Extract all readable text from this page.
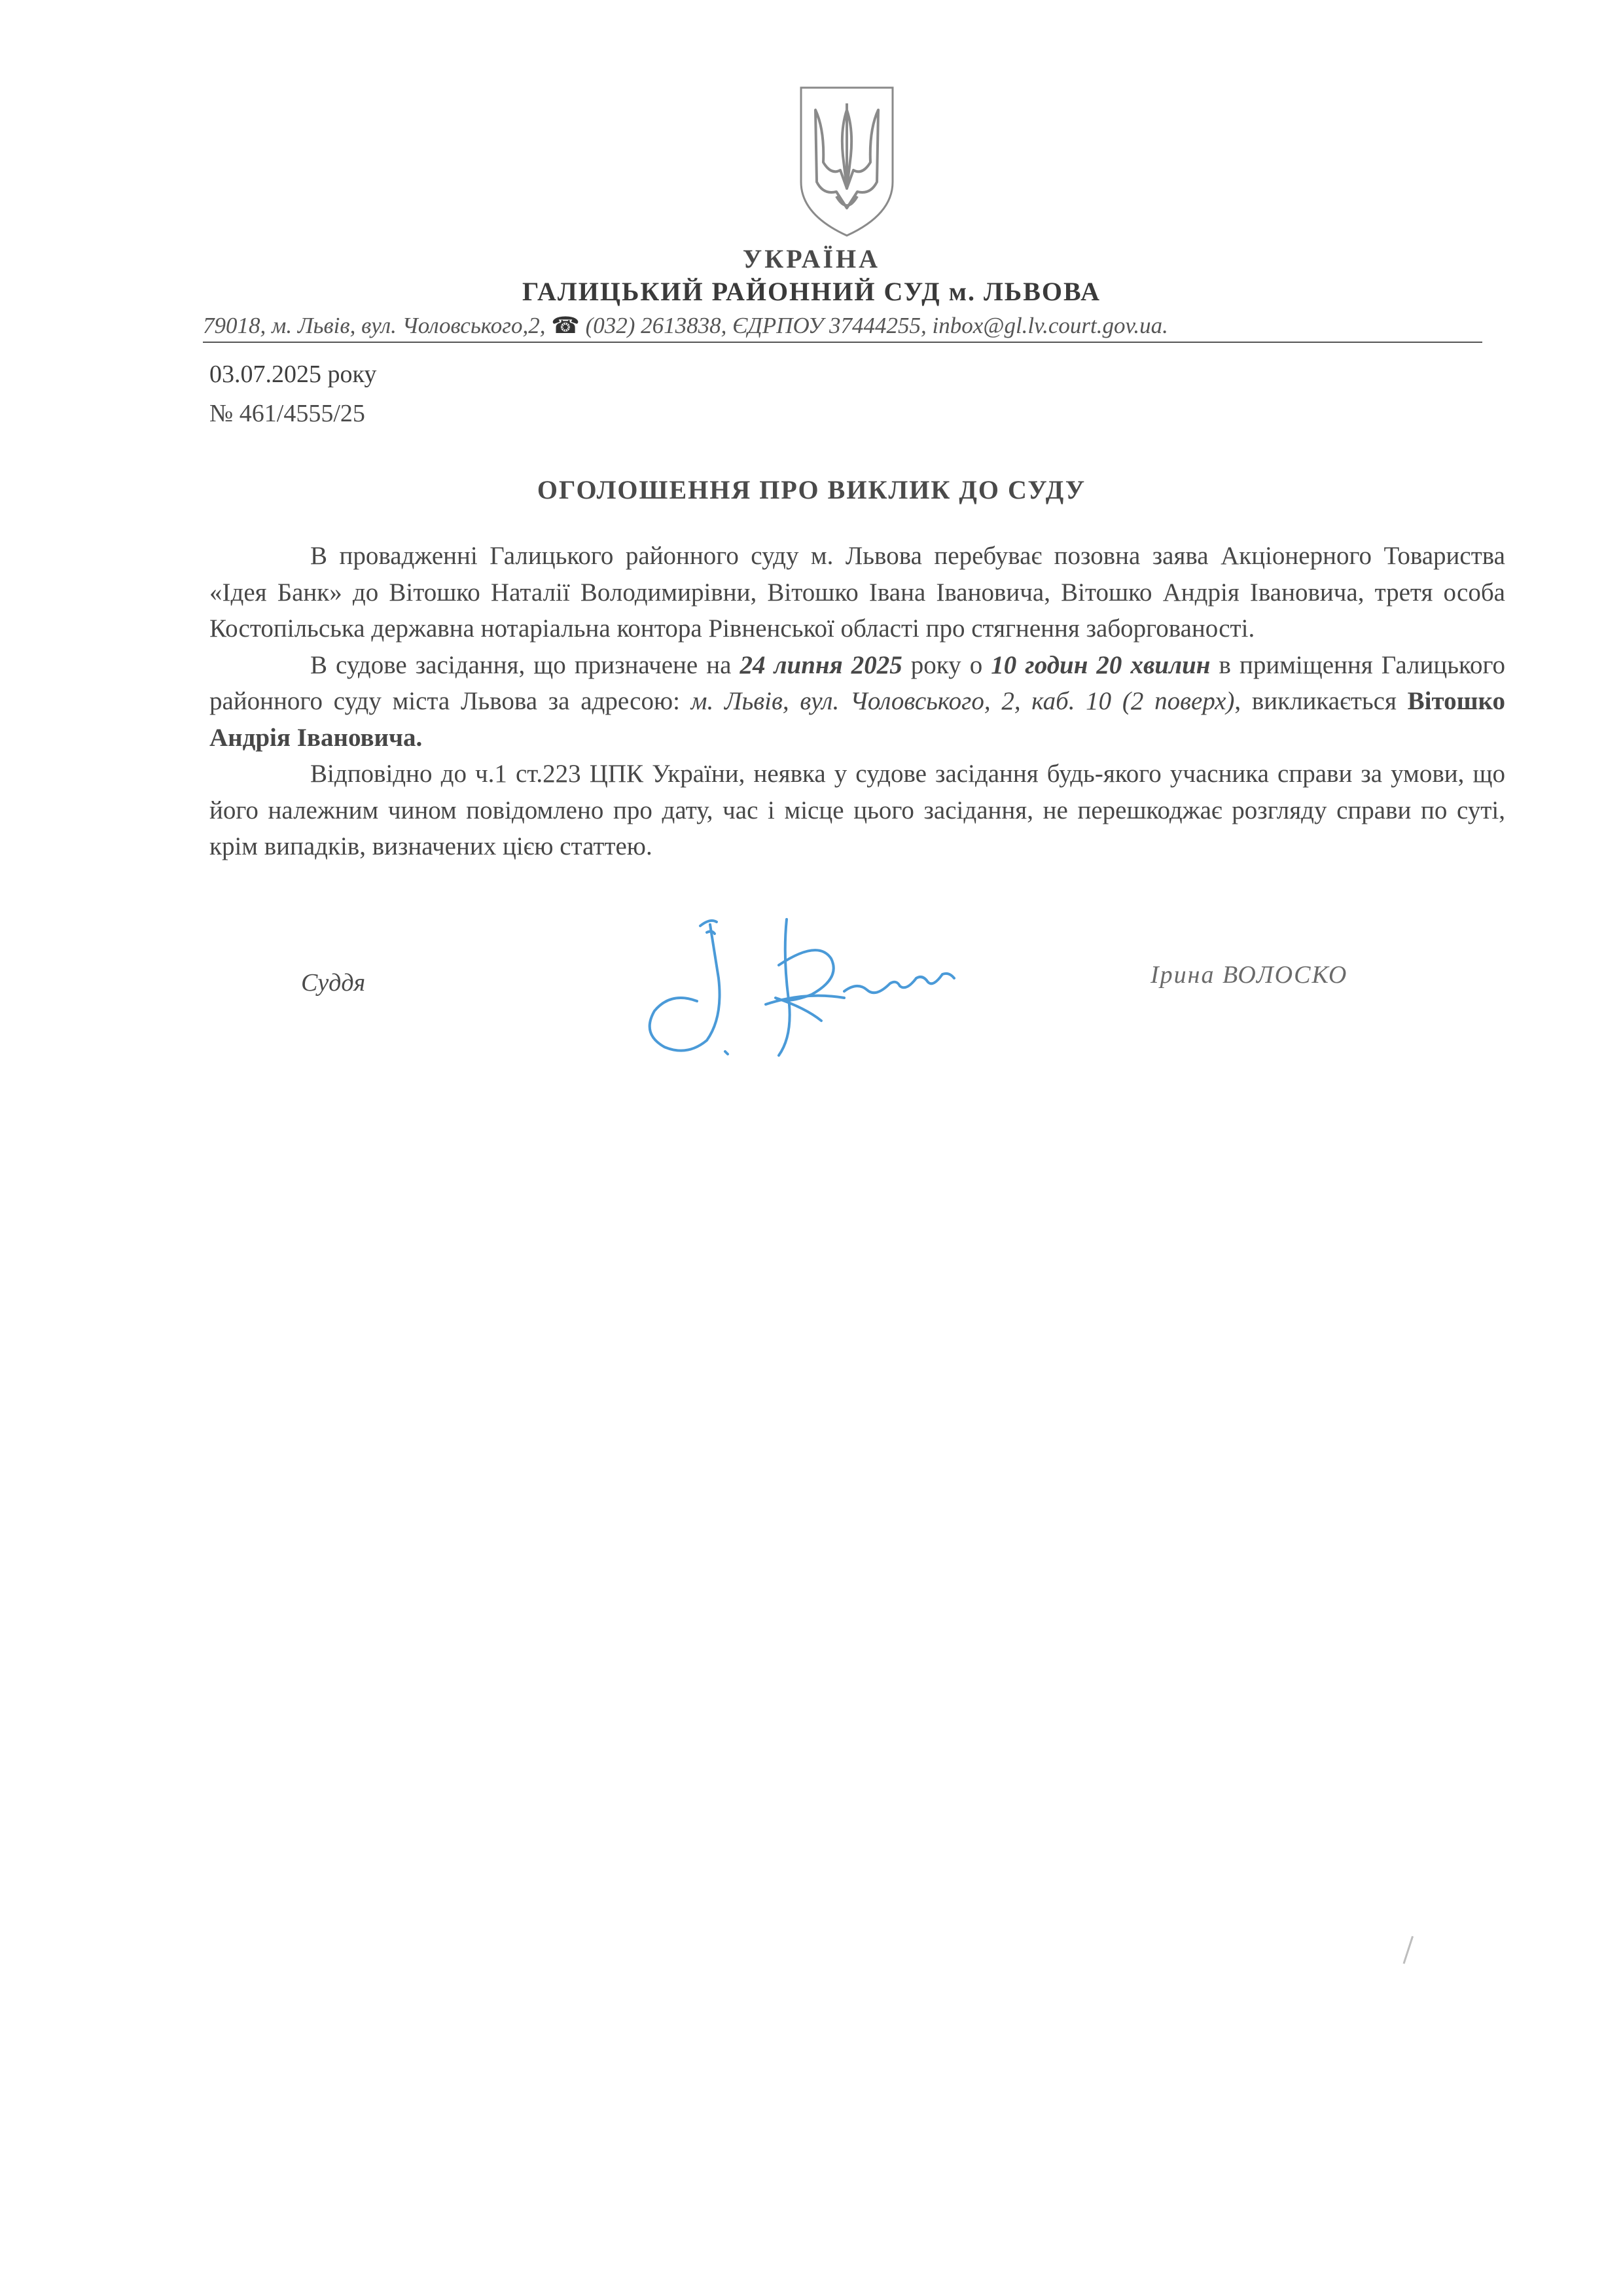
УКРАЇНА
ГАЛИЦЬКИЙ РАЙОННИЙ СУД м. ЛЬВОВА
79018, м. Львів, вул. Чоловського,2, ☎ (032) 2613838, ЄДРПОУ 37444255, inbox@gl.lv.court.gov.ua.
03.07.2025 року
№ 461/4555/25
ОГОЛОШЕННЯ ПРО ВИКЛИК ДО СУДУ

В провадженні Галицького районного суду м. Львова перебуває позовна заява Акціонерного Товариства «Ідея Банк» до Вітошко Наталії Володимирівни, Вітошко Івана Івановича, Вітошко Андрія Івановича, третя особа Костопільська державна нотаріальна контора Рівненської області про стягнення заборгованості.

В судове засідання, що призначене на 24 липня 2025 року о 10 годин 20 хвилин в приміщення Галицького районного суду міста Львова за адресою: м. Львів, вул. Чоловського, 2, каб. 10 (2 поверх), викликається Вітошко Андрія Івановича.

Відповідно до ч.1 ст.223 ЦПК України, неявка у судове засідання будь-якого учасника справи за умови, що його належним чином повідомлено про дату, час і місце цього засідання, не перешкоджає розгляду справи по суті, крім випадків, визначених цією статтею.

Суддя	Ірина ВОЛОСКО
